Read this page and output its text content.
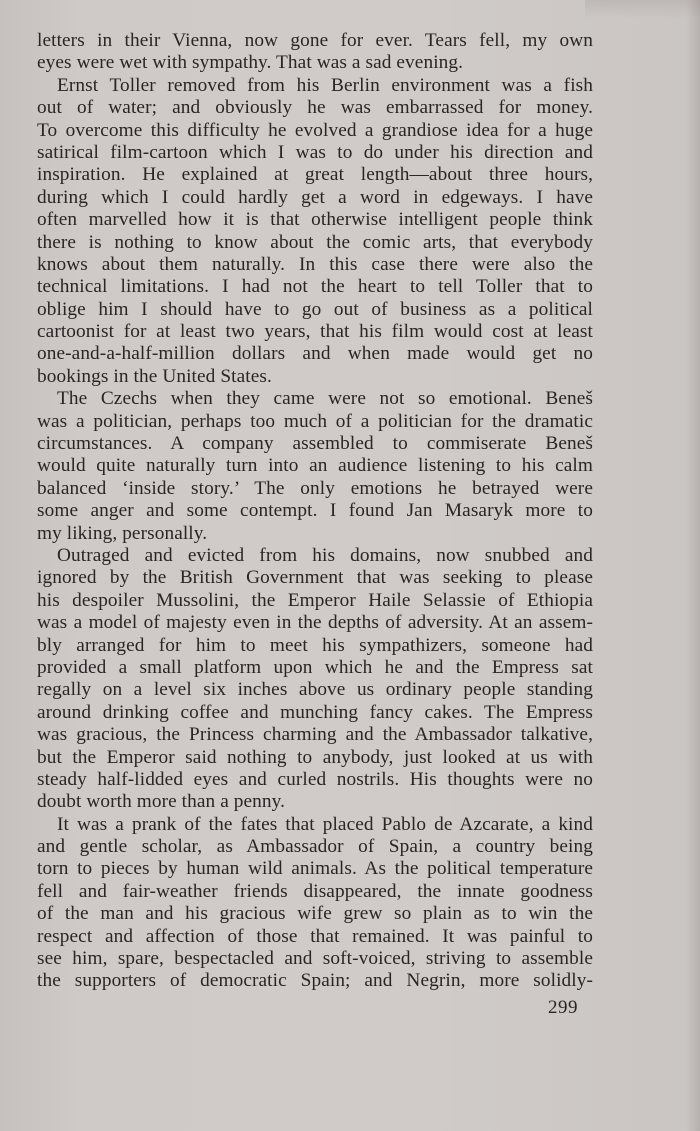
letters in their Vienna, now gone for ever. Tears fell, my own
eyes were wet with sympathy. That was a sad evening.
Ernst Toller removed from his Berlin environment was a fish
out of water; and obviously he was embarrassed for money.
To overcome this difficulty he evolved a grandiose idea for a huge
satirical film-cartoon which I was to do under his direction and
inspiration. He explained at great length—about three hours,
during which I could hardly get a word in edgeways. I have
often marvelled how it is that otherwise intelligent people think
there is nothing to know about the comic arts, that everybody
knows about them naturally. In this case there were also the
technical limitations. I had not the heart to tell Toller that to
oblige him I should have to go out of business as a political
cartoonist for at least two years, that his film would cost at least
one-and-a-half-million dollars and when made would get no
bookings in the United States.
The Czechs when they came were not so emotional. Beneš
was a politician, perhaps too much of a politician for the dramatic
circumstances. A company assembled to commiserate Beneš
would quite naturally turn into an audience listening to his calm
balanced ‘inside story.’ The only emotions he betrayed were
some anger and some contempt. I found Jan Masaryk more to
my liking, personally.
Outraged and evicted from his domains, now snubbed and
ignored by the British Government that was seeking to please
his despoiler Mussolini, the Emperor Haile Selassie of Ethiopia
was a model of majesty even in the depths of adversity. At an assem-
bly arranged for him to meet his sympathizers, someone had
provided a small platform upon which he and the Empress sat
regally on a level six inches above us ordinary people standing
around drinking coffee and munching fancy cakes. The Empress
was gracious, the Princess charming and the Ambassador talkative,
but the Emperor said nothing to anybody, just looked at us with
steady half-lidded eyes and curled nostrils. His thoughts were no
doubt worth more than a penny.
It was a prank of the fates that placed Pablo de Azcarate, a kind
and gentle scholar, as Ambassador of Spain, a country being
torn to pieces by human wild animals. As the political temperature
fell and fair-weather friends disappeared, the innate goodness
of the man and his gracious wife grew so plain as to win the
respect and affection of those that remained. It was painful to
see him, spare, bespectacled and soft-voiced, striving to assemble
the supporters of democratic Spain; and Negrin, more solidly-
299
